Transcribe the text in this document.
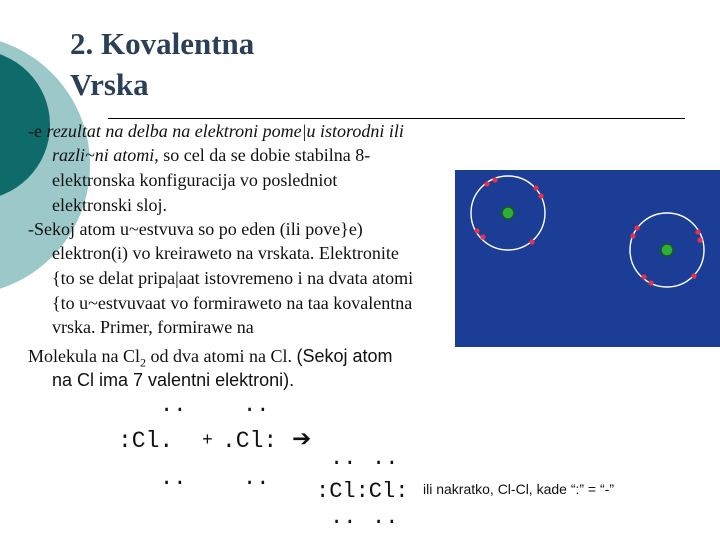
2. Kovalentna
Vrska
-e rezultat na delba na elektroni pome|u istorodni ili
razli~ni atomi, so cel da se dobie stabilna 8-
elektronska konfiguracija vo posledniot
elektronski sloj.
-Sekoj atom u~estvuva so po eden (ili pove}e)
elektron(i) vo kreiraweto na vrskata. Elektronite
{to se delat pripa|aat istovremeno i na dvata atomi
{to u~estvuvaat vo formiraweto na taa kovalentna
vrska. Primer, formirawe na
Molekula na $Cl_2$ od dva atomi na Cl. (Sekoj atom
na Cl ima 7 valentni elektroni).
..	..
:Cl. + .Cl: ➔
..	..
.. ..
:Cl:Cl: ili nakratko, Cl-Cl, kade “:” = “-”
.. ..
